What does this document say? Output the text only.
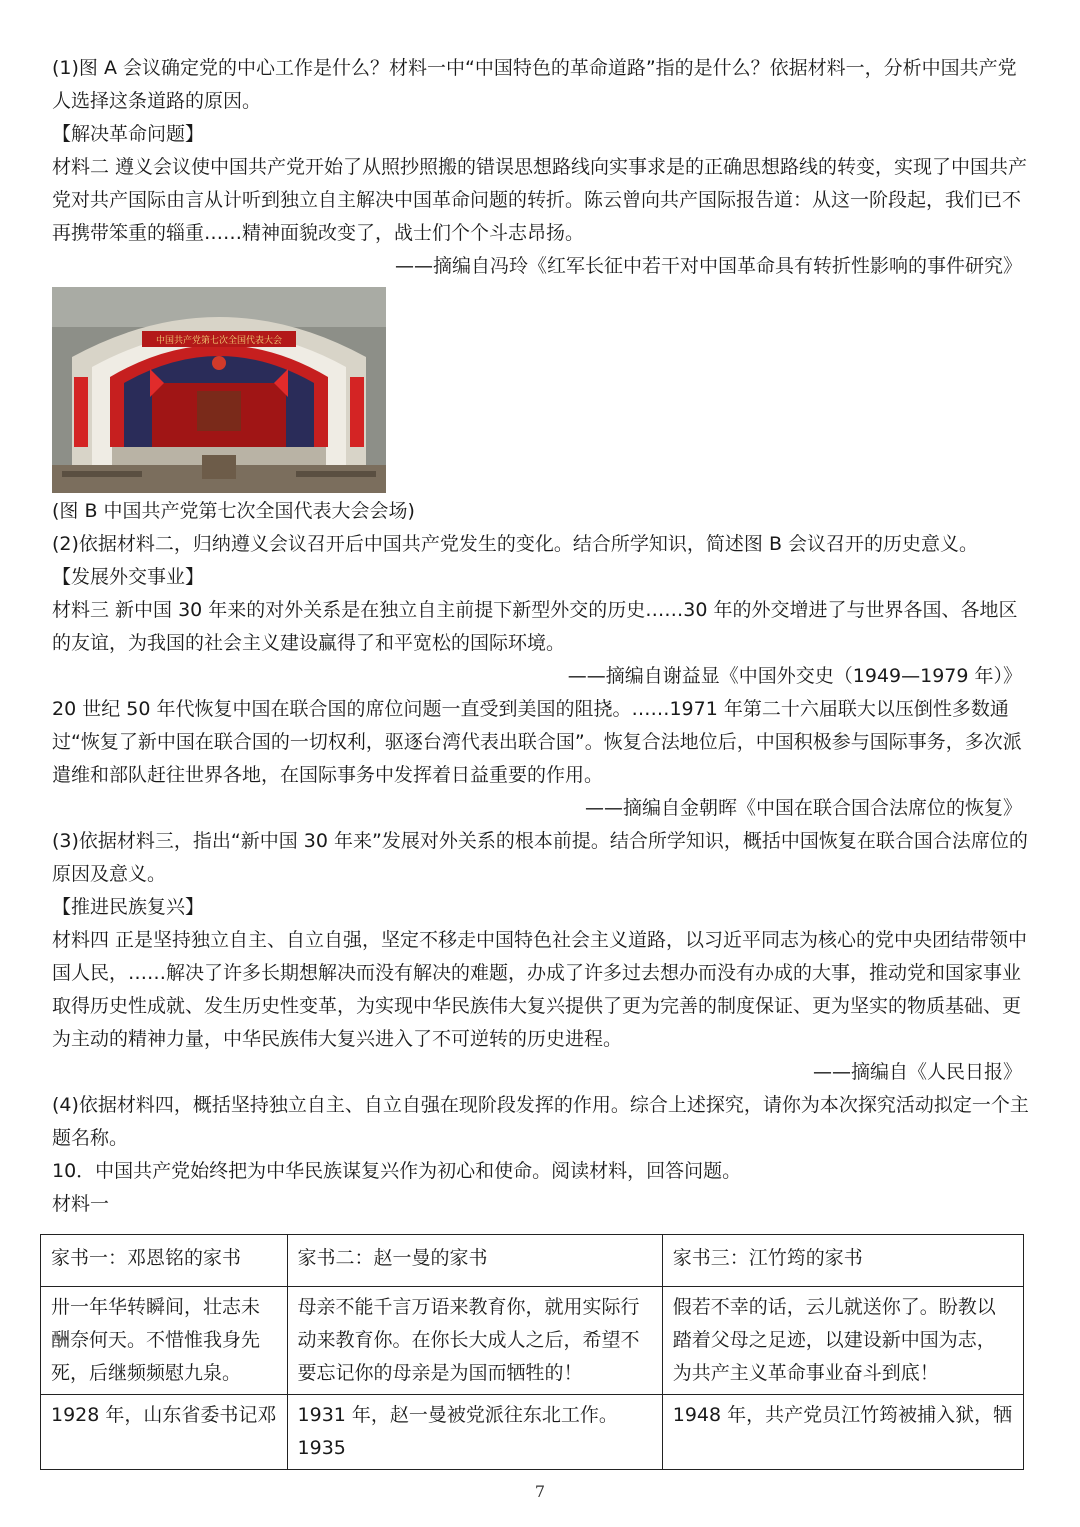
(1)图 A 会议确定党的中心工作是什么？材料一中“中国特色的革命道路”指的是什么？依据材料一，分析中国共产党人选择这条道路的原因。

【解决革命问题】

材料二 遵义会议使中国共产党开始了从照抄照搬的错误思想路线向实事求是的正确思想路线的转变，实现了中国共产党对共产国际由言从计听到独立自主解决中国革命问题的转折。陈云曾向共产国际报告道：从这一阶段起，我们已不再携带笨重的辎重……精神面貌改变了，战士们个个斗志昂扬。

——摘编自冯玲《红军长征中若干对中国革命具有转折性影响的事件研究》

中国共产党第七次全国代表大会

(图 B 中国共产党第七次全国代表大会会场)

(2)依据材料二，归纳遵义会议召开后中国共产党发生的变化。结合所学知识，简述图 B 会议召开的历史意义。

【发展外交事业】

材料三 新中国 30 年来的对外关系是在独立自主前提下新型外交的历史……30 年的外交增进了与世界各国、各地区的友谊，为我国的社会主义建设赢得了和平宽松的国际环境。

——摘编自谢益显《中国外交史（1949—1979 年）》

20 世纪 50 年代恢复中国在联合国的席位问题一直受到美国的阻挠。……1971 年第二十六届联大以压倒性多数通过“恢复了新中国在联合国的一切权利，驱逐台湾代表出联合国”。恢复合法地位后，中国积极参与国际事务，多次派遣维和部队赶往世界各地，在国际事务中发挥着日益重要的作用。

——摘编自金朝晖《中国在联合国合法席位的恢复》

(3)依据材料三，指出“新中国 30 年来”发展对外关系的根本前提。结合所学知识，概括中国恢复在联合国合法席位的原因及意义。

【推进民族复兴】

材料四 正是坚持独立自主、自立自强，坚定不移走中国特色社会主义道路，以习近平同志为核心的党中央团结带领中国人民，……解决了许多长期想解决而没有解决的难题，办成了许多过去想办而没有办成的大事，推动党和国家事业取得历史性成就、发生历史性变革，为实现中华民族伟大复兴提供了更为完善的制度保证、更为坚实的物质基础、更为主动的精神力量，中华民族伟大复兴进入了不可逆转的历史进程。

——摘编自《人民日报》

(4)依据材料四，概括坚持独立自主、自立自强在现阶段发挥的作用。综合上述探究，请你为本次探究活动拟定一个主题名称。

10．中国共产党始终把为中华民族谋复兴作为初心和使命。阅读材料，回答问题。

材料一

家书一：邓恩铭的家书	家书二：赵一曼的家书	家书三：江竹筠的家书
卅一年华转瞬间，壮志未酬奈何天。不惜惟我身先死，后继频频慰九泉。	母亲不能千言万语来教育你，就用实际行动来教育你。在你长大成人之后，希望不要忘记你的母亲是为国而牺牲的！	假若不幸的话，云儿就送你了。盼教以踏着父母之足迹，以建设新中国为志，为共产主义革命事业奋斗到底！
1928 年，山东省委书记邓	1931 年，赵一曼被党派往东北工作。1935	1948 年，共产党员江竹筠被捕入狱，牺
7
